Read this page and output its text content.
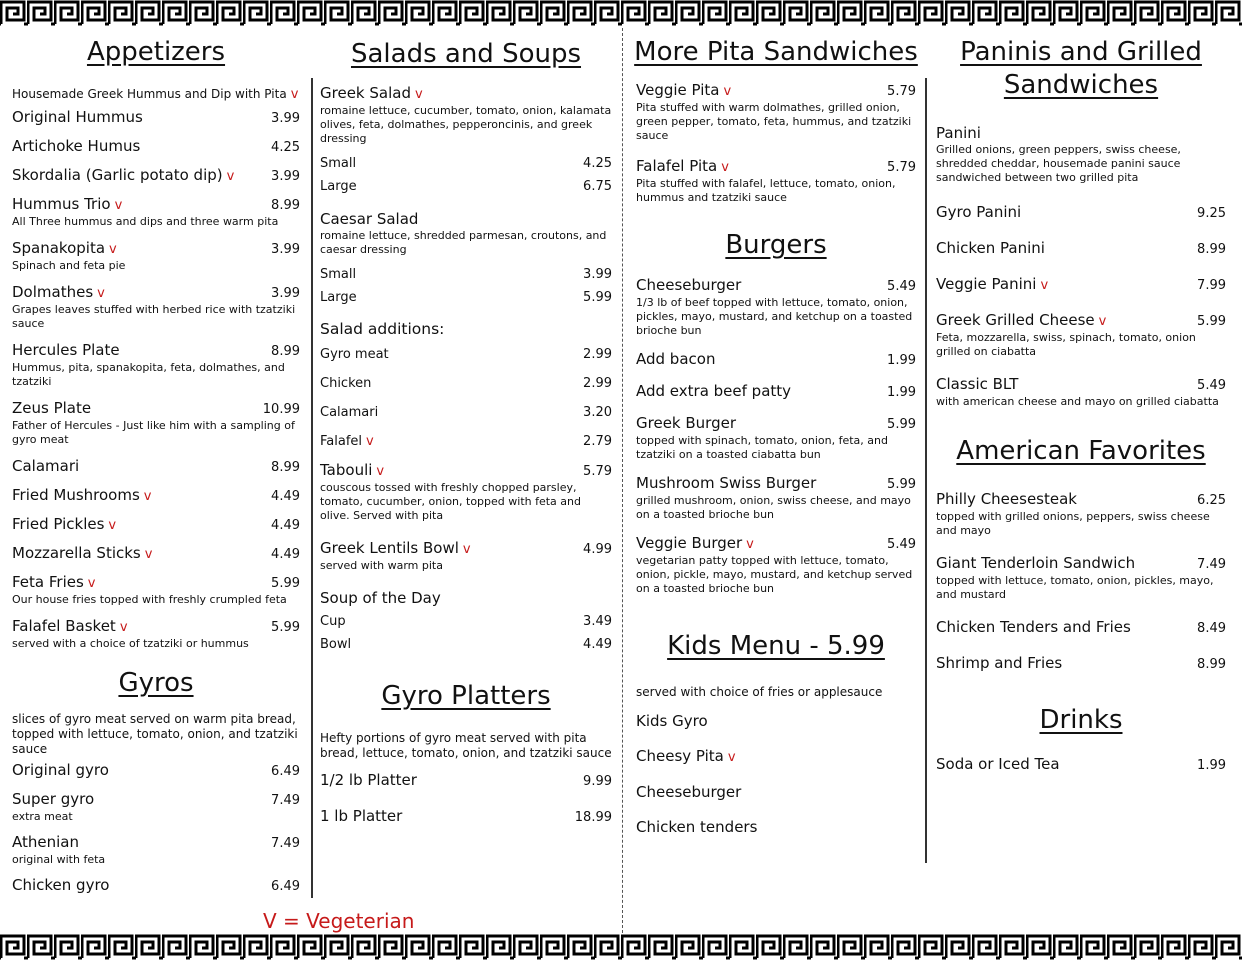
Appetizers
Housemade Greek Hummus and Dip with Pita v
Original Hummus	3.99
Artichoke Humus	4.25
Skordalia (Garlic potato dip) v	3.99
Hummus Trio v	8.99
All Three hummus and dips and three warm pita
Spanakopita v	3.99
Spinach and feta pie
Dolmathes v	3.99
Grapes leaves stuffed with herbed rice with tzatziki sauce
Hercules Plate	8.99
Hummus, pita, spanakopita, feta, dolmathes, and tzatziki
Zeus Plate	10.99
Father of Hercules - Just like him with a sampling of gyro meat
Calamari	8.99
Fried Mushrooms v	4.49
Fried Pickles v	4.49
Mozzarella Sticks v	4.49
Feta Fries v	5.99
Our house fries topped with freshly crumpled feta
Falafel Basket v	5.99
served with a choice of tzatziki or hummus
Gyros
slices of gyro meat served on warm pita bread, topped with lettuce, tomato, onion, and tzatziki sauce
Original gyro	6.49
Super gyro	7.49
extra meat
Athenian	7.49
original with feta
Chicken gyro	6.49
Salads and Soups
Greek Salad v
romaine lettuce, cucumber, tomato, onion, kalamata olives, feta, dolmathes, pepperoncinis, and greek dressing
Small	4.25
Large	6.75
Caesar Salad
romaine lettuce, shredded parmesan, croutons, and caesar dressing
Small	3.99
Large	5.99
Salad additions:
Gyro meat	2.99
Chicken	2.99
Calamari	3.20
Falafel v	2.79
Tabouli v	5.79
couscous tossed with freshly chopped parsley, tomato, cucumber, onion, topped with feta and olive. Served with pita
Greek Lentils Bowl v	4.99
served with warm pita
Soup of the Day
Cup	3.49
Bowl	4.49
Gyro Platters
Hefty portions of gyro meat served with pita bread, lettuce, tomato, onion, and tzatziki sauce
1/2 lb Platter	9.99
1 lb Platter	18.99
More Pita Sandwiches
Veggie Pita v	5.79
Pita stuffed with warm dolmathes, grilled onion, green pepper, tomato, feta, hummus, and tzatziki sauce
Falafel Pita v	5.79
Pita stuffed with falafel, lettuce, tomato, onion, hummus and tzatziki sauce
Burgers
Cheeseburger	5.49
1/3 lb of beef topped with lettuce, tomato, onion, pickles, mayo, mustard, and ketchup on a toasted brioche bun
Add bacon	1.99
Add extra beef patty	1.99
Greek Burger	5.99
topped with spinach, tomato, onion, feta, and tzatziki on a toasted ciabatta bun
Mushroom Swiss Burger	5.99
grilled mushroom, onion, swiss cheese, and mayo on a toasted brioche bun
Veggie Burger v	5.49
vegetarian patty topped with lettuce, tomato, onion, pickle, mayo, mustard, and ketchup served on a toasted brioche bun
Kids Menu - 5.99
served with choice of fries or applesauce
Kids Gyro
Cheesy Pita v
Cheeseburger
Chicken tenders
Paninis and Grilled
Sandwiches
Panini
Grilled onions, green peppers, swiss cheese, shredded cheddar, housemade panini sauce sandwiched between two grilled pita
Gyro Panini	9.25
Chicken Panini	8.99
Veggie Panini v	7.99
Greek Grilled Cheese v	5.99
Feta, mozzarella, swiss, spinach, tomato, onion grilled on ciabatta
Classic BLT	5.49
with american cheese and mayo on grilled ciabatta
American Favorites
Philly Cheesesteak	6.25
topped with grilled onions, peppers, swiss cheese and mayo
Giant Tenderloin Sandwich	7.49
topped with lettuce, tomato, onion, pickles, mayo, and mustard
Chicken Tenders and Fries	8.49
Shrimp and Fries	8.99
Drinks
Soda or Iced Tea	1.99
V = Vegeterian
